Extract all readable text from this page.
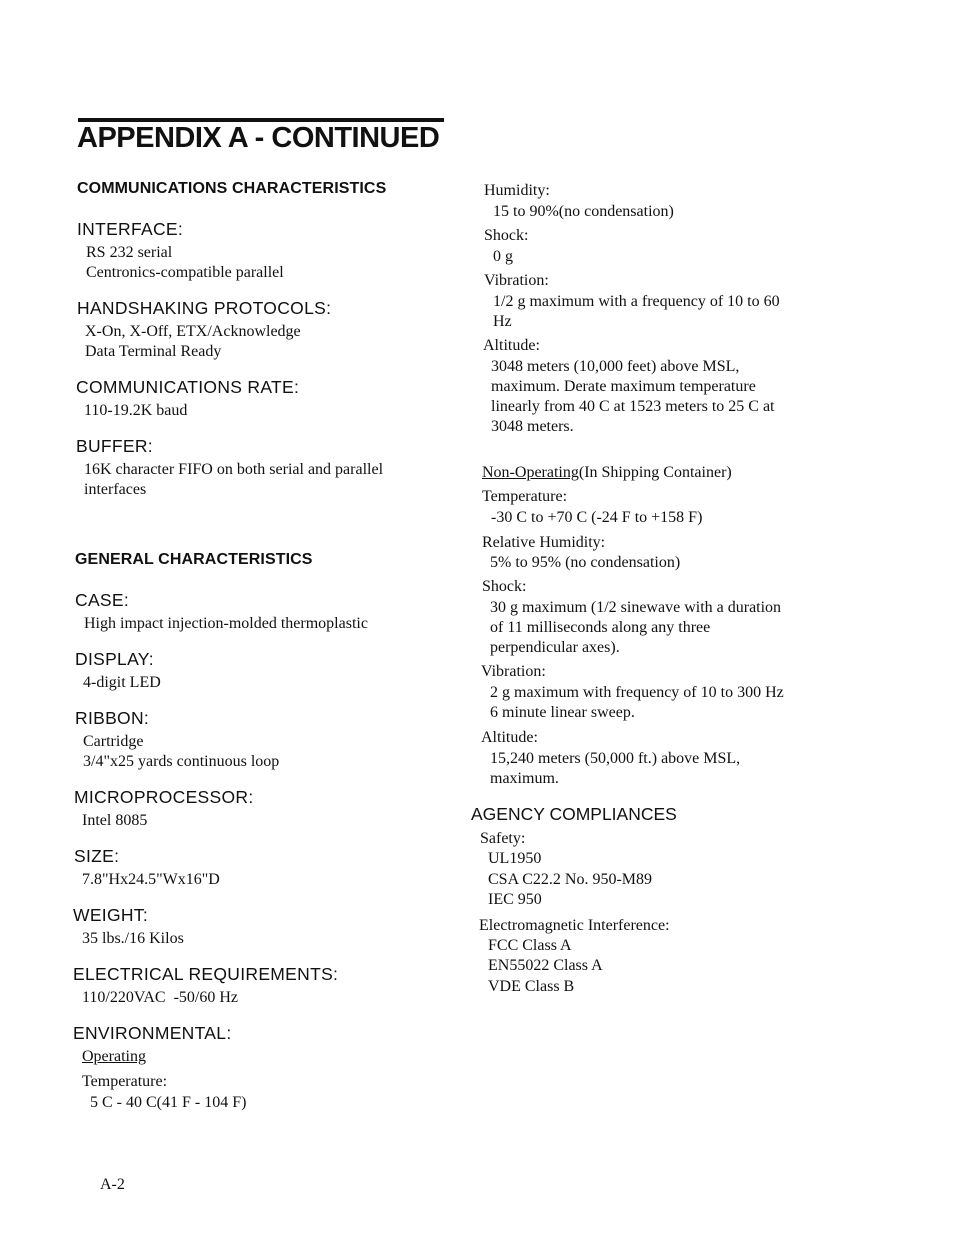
APPENDIX A - CONTINUED
COMMUNICATIONS CHARACTERISTICS
INTERFACE:
RS 232 serial
Centronics-compatible parallel
HANDSHAKING PROTOCOLS:
X-On, X-Off, ETX/Acknowledge
Data Terminal Ready
COMMUNICATIONS RATE:
110-19.2K baud
BUFFER:
16K character FIFO on both serial and parallel
interfaces
GENERAL CHARACTERISTICS
CASE:
High impact injection-molded thermoplastic
DISPLAY:
4-digit LED
RIBBON:
Cartridge
3/4"x25 yards continuous loop
MICROPROCESSOR:
Intel 8085
SIZE:
7.8"Hx24.5"Wx16"D
WEIGHT:
35 lbs./16 Kilos
ELECTRICAL REQUIREMENTS:
110/220VAC  -50/60 Hz
ENVIRONMENTAL:
Operating
Temperature:
5 C - 40 C(41 F - 104 F)
Humidity:
15 to 90%(no condensation)
Shock:
0 g
Vibration:
1/2 g maximum with a frequency of 10 to 60
Hz
Altitude:
3048 meters (10,000 feet) above MSL,
maximum. Derate maximum temperature
linearly from 40 C at 1523 meters to 25 C at
3048 meters.
Non-Operating(In Shipping Container)
Temperature:
-30 C to +70 C (-24 F to +158 F)
Relative Humidity:
5% to 95% (no condensation)
Shock:
30 g maximum (1/2 sinewave with a duration
of 11 milliseconds along any three
perpendicular axes).
Vibration:
2 g maximum with frequency of 10 to 300 Hz
6 minute linear sweep.
Altitude:
15,240 meters (50,000 ft.) above MSL,
maximum.
AGENCY COMPLIANCES
Safety:
UL1950
CSA C22.2 No. 950-M89
IEC 950
Electromagnetic Interference:
FCC Class A
EN55022 Class A
VDE Class B
A-2
